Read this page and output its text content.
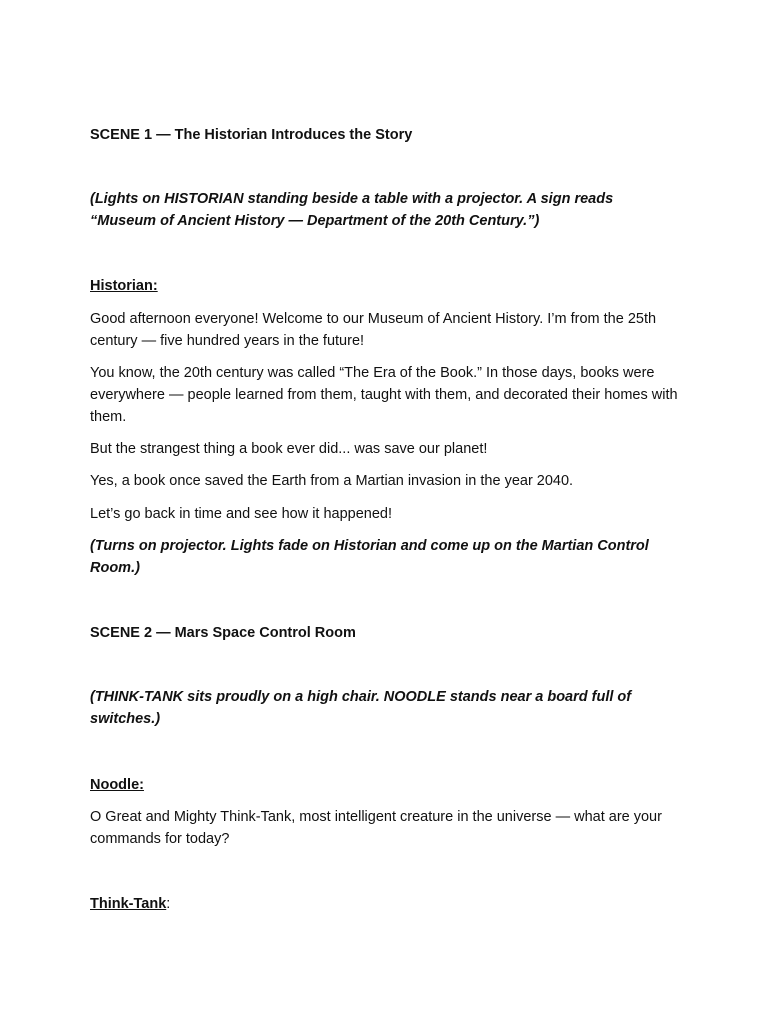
SCENE 1 — The Historian Introduces the Story

(Lights on HISTORIAN standing beside a table with a projector. A sign reads “Museum of Ancient History — Department of the 20th Century.”)

Historian:

Good afternoon everyone! Welcome to our Museum of Ancient History. I’m from the 25th century — five hundred years in the future!

You know, the 20th century was called “The Era of the Book.” In those days, books were everywhere — people learned from them, taught with them, and decorated their homes with them.

But the strangest thing a book ever did... was save our planet!

Yes, a book once saved the Earth from a Martian invasion in the year 2040.

Let’s go back in time and see how it happened!

(Turns on projector. Lights fade on Historian and come up on the Martian Control Room.)

SCENE 2 — Mars Space Control Room

(THINK-TANK sits proudly on a high chair. NOODLE stands near a board full of switches.)

Noodle:

O Great and Mighty Think-Tank, most intelligent creature in the universe — what are your commands for today?

Think-Tank:
